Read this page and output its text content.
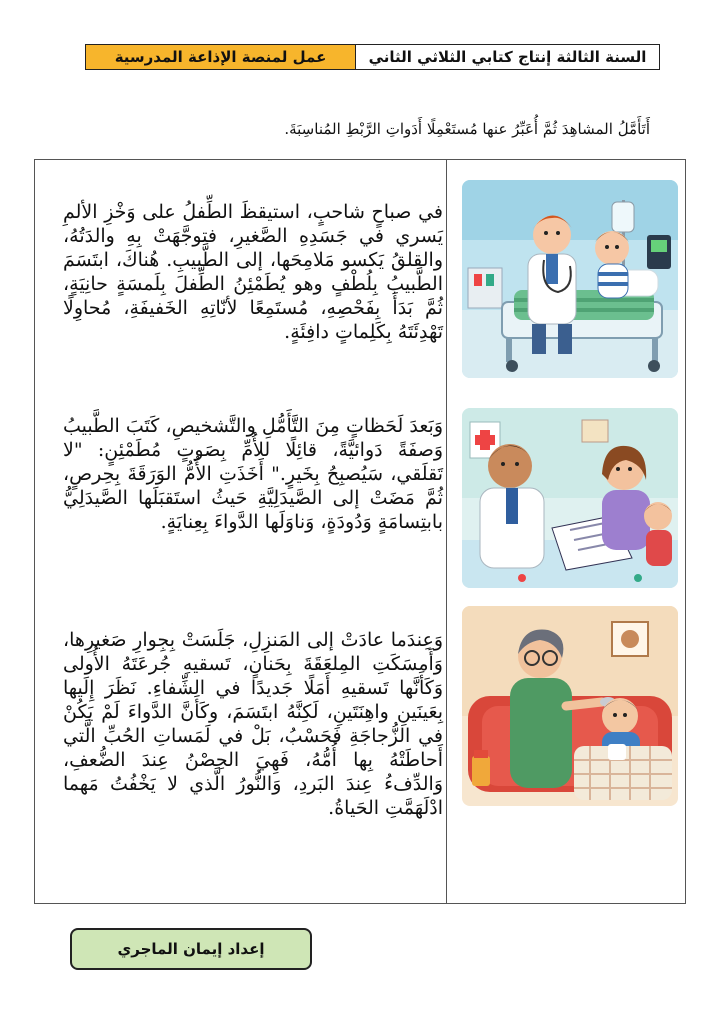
السنة الثالثة إنتاج كتابي الثلاثي الثاني
عمل لمنصة الإذاعة المدرسية
أَتَأَمَّلُ المشاهِدَ ثُمَّ أُعَبِّرُ عنها مُستَعْمِلًا أَدَواتِ الرَّبْطِ المُناسِبَةَ.
في صباحٍ شاحبٍ، استيقظَ الطِّفلُ على وَخْزِ الألمِ يَسري في جَسَدِهِ الصَّغيرِ، فتوجَّهَتْ بِهِ والدَتُهُ، والقلقُ يَكسو مَلامِحَها، إلى الطَّبيبِ. هُناكَ، ابتَسَمَ الطَّبيبُ بِلُطْفٍ وهو يُطَمْئِنُ الطِّفلَ بِلَمسَةٍ حانِيَةٍ، ثُمَّ بَدَأَ بِفَحْصِهِ، مُستَمِعًا لأنّاتِهِ الخَفيفَةِ، مُحاوِلًا تَهْدِئَتَهُ بِكَلِماتٍ دافِئَةٍ.
وَبَعدَ لَحَظاتٍ مِنَ التَّأَمُّلِ والتَّشخيصِ، كَتَبَ الطَّبيبُ وَصفَةً دَوائيَّةً، قائِلًا للأُمِّ بِصَوتٍ مُطَمْئِنٍ: "لا تَقلَقي، سَيُصبِحُ بِخَيرٍ." أَخَذَتِ الأُمُّ الوَرَقَةَ بِحِرصٍ، ثُمَّ مَضَتْ إلى الصَّيدَلِيَّةِ حَيثُ استَقبَلَها الصَّيدَلِيُّ بابتِسامَةٍ وَدُودَةٍ، وَناوَلَها الدَّواءَ بِعِنايَةٍ.
وَعِندَما عادَتْ إلى المَنزِلِ، جَلَسَتْ بِجِوارِ صَغيرِها، وَأَمسَكَتِ المِلعَقَةَ بِحَنانٍ، تَسقيهِ جُرعَتَهُ الأُولى وَكَأَنَّها تَسقيهِ أَمَلًا جَديدًا في الشِّفاءِ. نَظَرَ إِلَيها بِعَينَينِ واهِنَتَينِ، لَكِنَّهُ ابتَسَمَ، وكَأَنَّ الدَّواءَ لَمْ يَكُنْ في الزُّجاجَةِ فَحَسْبُ، بَلْ في لَمَساتِ الحُبِّ الَّتي أَحاطَتْهُ بِها أُمُّهُ، فَهِيَ الحِصْنُ عِندَ الضُّعفِ، وَالدِّفءُ عِندَ البَردِ، وَالنُّورُ الَّذي لا يَخْفُتُ مَهما ادْلَهَمَّتِ الحَياةُ.
إعداد إيمان الماجري
